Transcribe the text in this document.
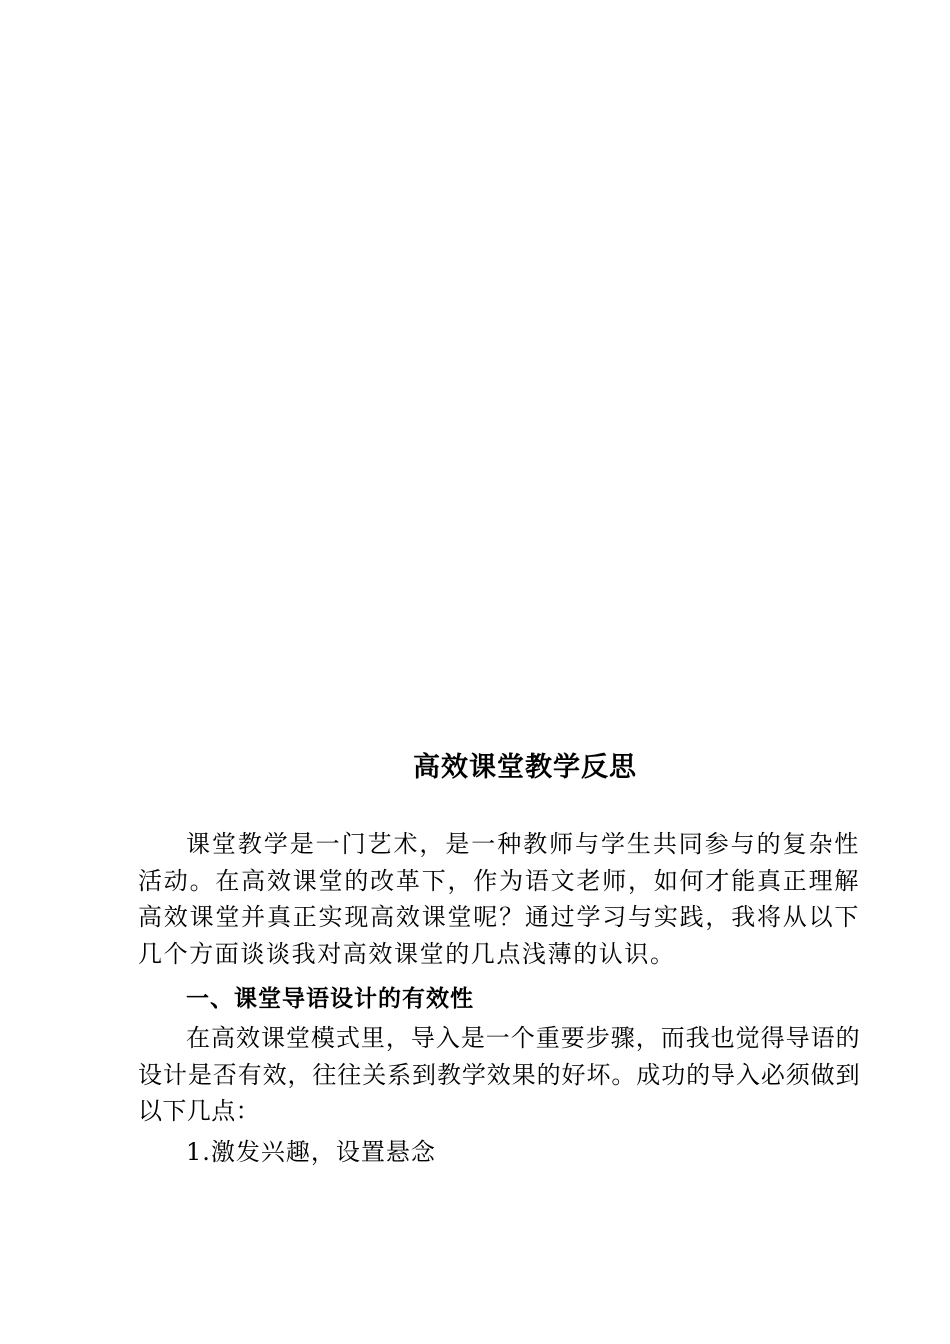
高效课堂教学反思
课堂教学是一门艺术，是一种教师与学生共同参与的复杂性活动。在高效课堂的改革下，作为语文老师，如何才能真正理解高效课堂并真正实现高效课堂呢？通过学习与实践，我将从以下几个方面谈谈我对高效课堂的几点浅薄的认识。
一、课堂导语设计的有效性
在高效课堂模式里，导入是一个重要步骤，而我也觉得导语的设计是否有效，往往关系到教学效果的好坏。成功的导入必须做到以下几点：
1.激发兴趣，设置悬念
